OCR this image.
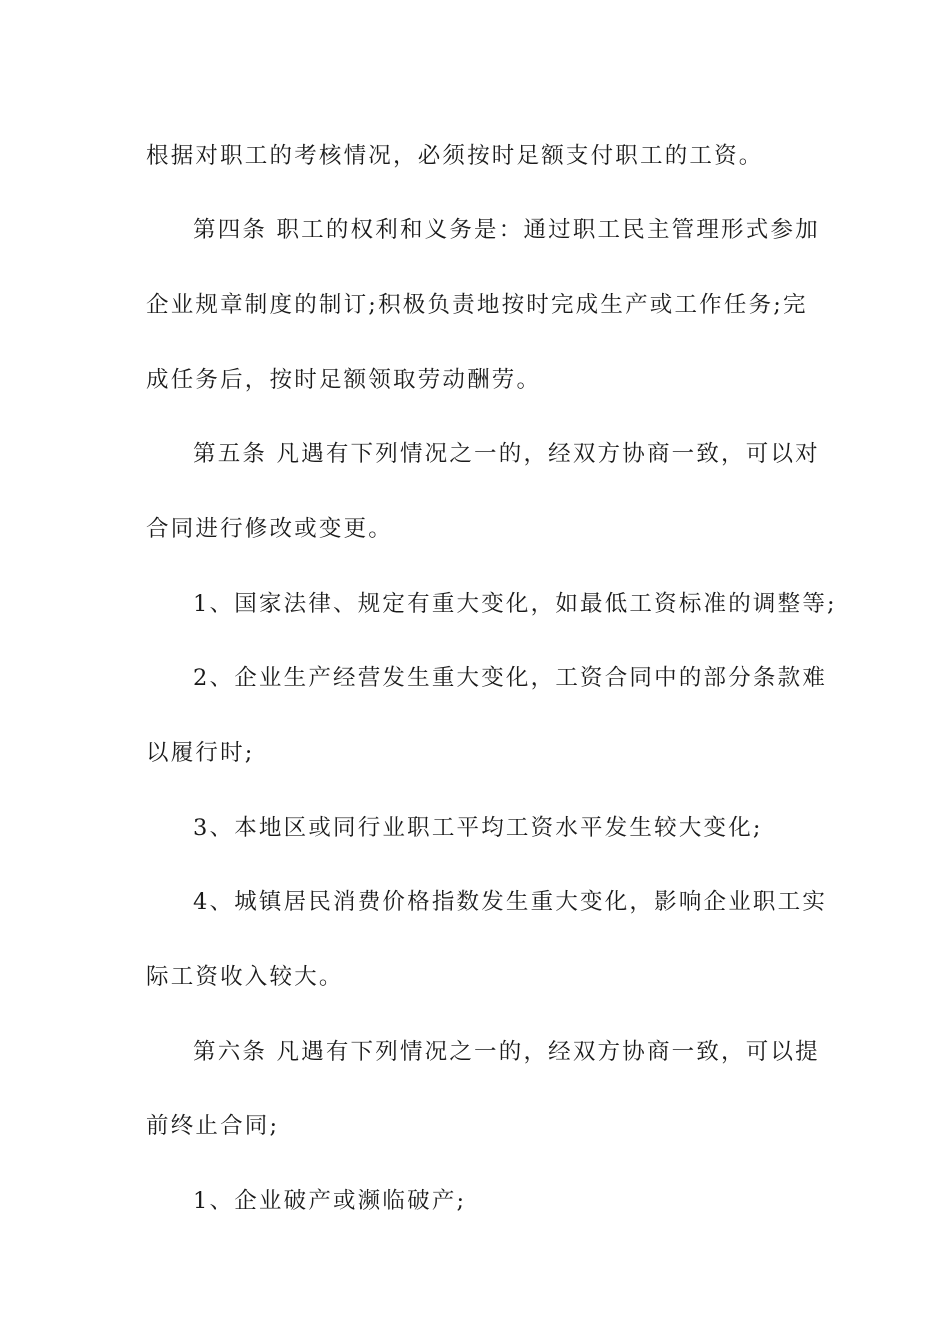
根据对职工的考核情况，必须按时足额支付职工的工资。
第四条 职工的权利和义务是：通过职工民主管理形式参加
企业规章制度的制订;积极负责地按时完成生产或工作任务;完
成任务后，按时足额领取劳动酬劳。
第五条 凡遇有下列情况之一的，经双方协商一致，可以对
合同进行修改或变更。
1、国家法律、规定有重大变化，如最低工资标准的调整等;
2、企业生产经营发生重大变化，工资合同中的部分条款难
以履行时;
3、本地区或同行业职工平均工资水平发生较大变化;
4、城镇居民消费价格指数发生重大变化，影响企业职工实
际工资收入较大。
第六条 凡遇有下列情况之一的，经双方协商一致，可以提
前终止合同;
1、企业破产或濒临破产;
